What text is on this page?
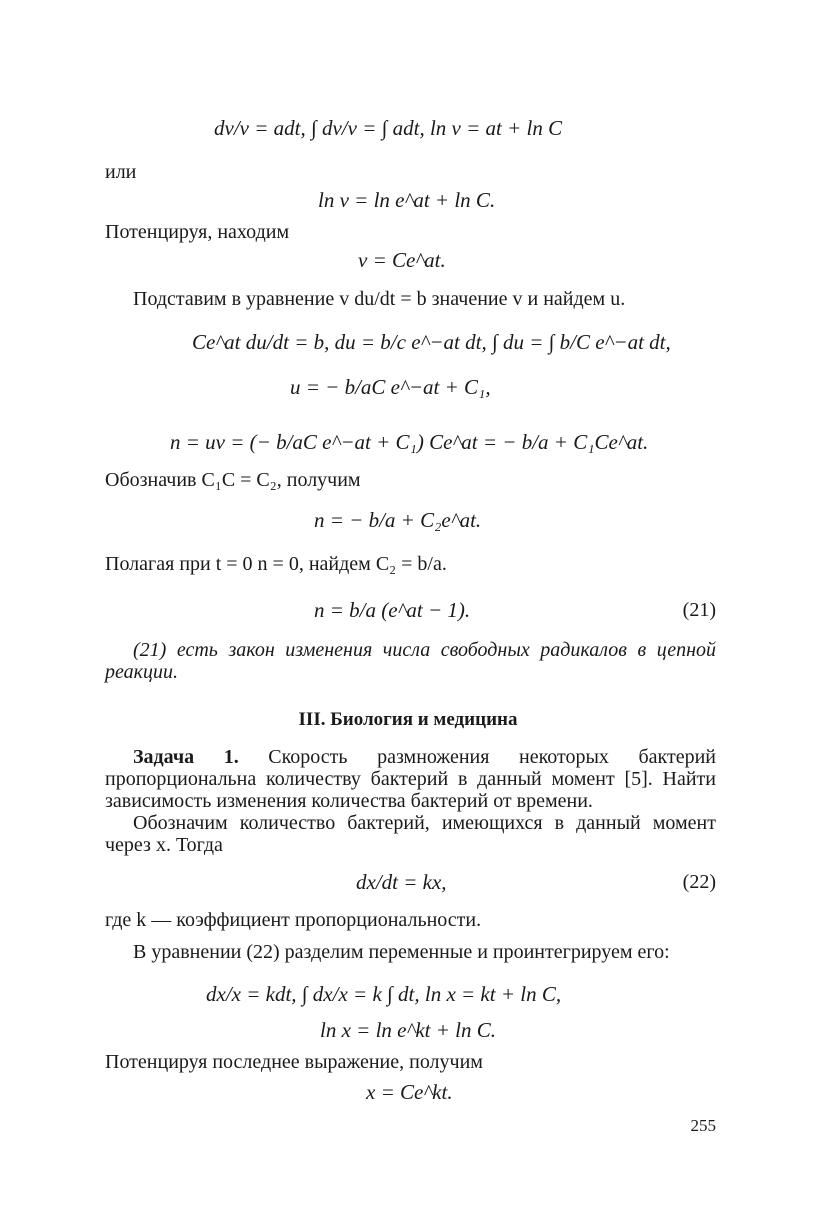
dv/v = adt, ∫ dv/v = ∫ adt, ln v = at + ln C
или
ln v = ln e^at + ln C.
Потенцируя, находим
v = Ce^at.
Подставим в уравнение v du/dt = b значение v и найдем u.
Ce^at du/dt = b, du = b/c e^−at dt, ∫ du = ∫ b/C e^−at dt,
u = − b/aC e^−at + C₁,
n = uv = (− b/aC e^−at + C₁) Ce^at = − b/a + C₁Ce^at.
Обозначив C₁C = C₂, получим
n = − b/a + C₂e^at.
Полагая при t = 0 n = 0, найдем C₂ = b/a.
n = b/a (e^at − 1).	(21)
(21) есть закон изменения числа свободных радикалов в цепной реакции.
III. Биология и медицина
Задача 1. Скорость размножения некоторых бактерий пропорциональна количеству бактерий в данный момент [5]. Найти зависимость изменения количества бактерий от времени.
Обозначим количество бактерий, имеющихся в данный момент через x. Тогда
dx/dt = kx,	(22)
где k — коэффициент пропорциональности.
В уравнении (22) разделим переменные и проинтегрируем его:
dx/x = kdt, ∫ dx/x = k ∫ dt, ln x = kt + ln C,
ln x = ln e^kt + ln C.
Потенцируя последнее выражение, получим
x = Ce^kt.
255
